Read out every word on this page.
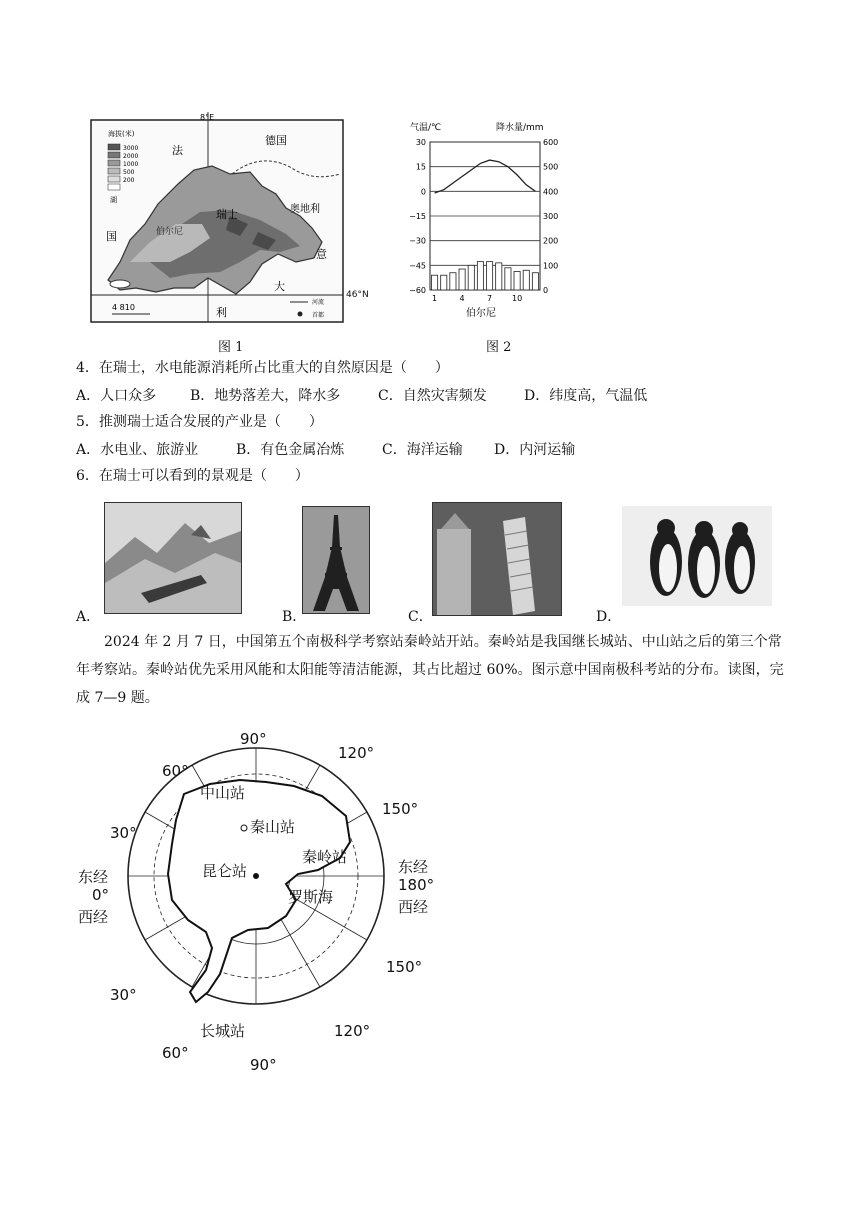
海拔(米)
3000
2000
1000
500
200
湖
德国
法
国
瑞士	奥地利
意
大
利
伯尔尼
8°E
4 810
河流
首都
46°N
图 1
气温/℃	降水量/mm
30	600
15	500
0	400
−15	300
−30	200
−45	100
−60	0
1	4	7 10
伯尔尼
图 2
4．在瑞士，水电能源消耗所占比重大的自然原因是（　　）
A．人口众多 B．地势落差大，降水多	C．自然灾害频发	D．纬度高，气温低
5．推测瑞士适合发展的产业是（　　）
A．水电业、旅游业	B．有色金属冶炼	C．海洋运输 D．内河运输
6．在瑞士可以看到的景观是（　　）
A．	B．	C．	D．
2024 年 2 月 7 日，中国第五个南极科学考察站秦岭站开站。秦岭站是我国继长城站、中山站之后的第三个常年考察站。秦岭站优先采用风能和太阳能等清洁能源，其占比超过 60%。图示意中国南极科考站的分布。读图，完成 7—9 题。
90°
120°
60°
150°
30°
东经
180°
西经
东经
0°
西经
150°
30°
120°
60°
90°
中山站
秦山站
秦岭站
昆仑站
罗斯海
长城站
